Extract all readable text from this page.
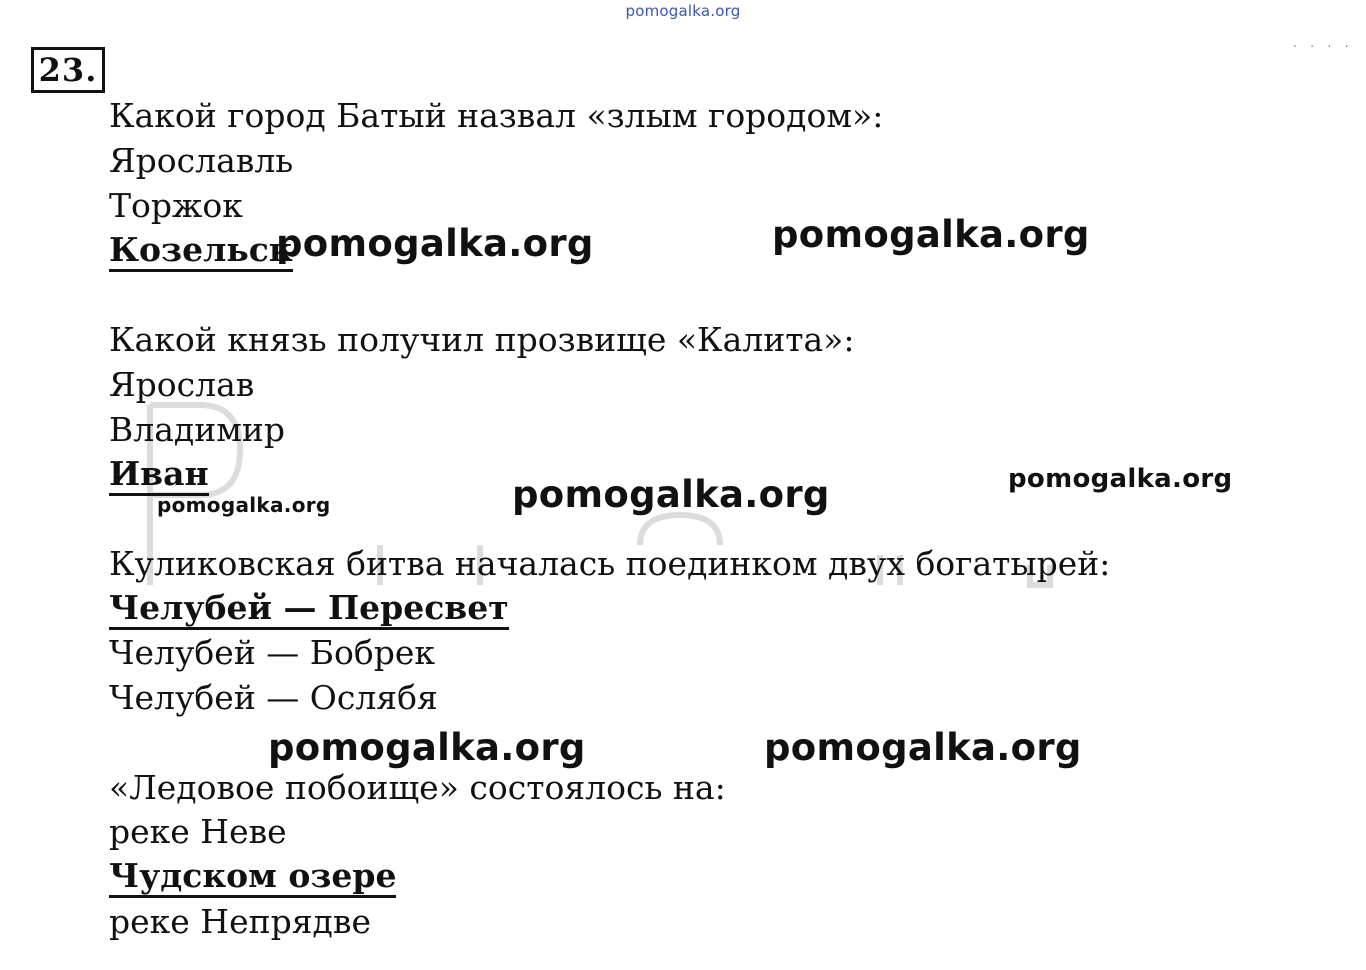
pomogalka.org
· · · ·
23.
Какой город Батый назвал «злым городом»:
Ярославль
Торжок
Козельск
Какой князь получил прозвище «Калита»:
Ярослав
Владимир
Иван
Куликовская битва началась поединком двух богатырей:
Челубей — Пересвет
Челубей — Бобрек
Челубей — Ослябя
«Ледовое побоище» состоялось на:
реке Неве
Чудском озере
реке Непрядве
pomogalka.org	pomogalka.org
pomogalka.org
pomogalka.org
pomogalka.org
pomogalka.org	pomogalka.org
